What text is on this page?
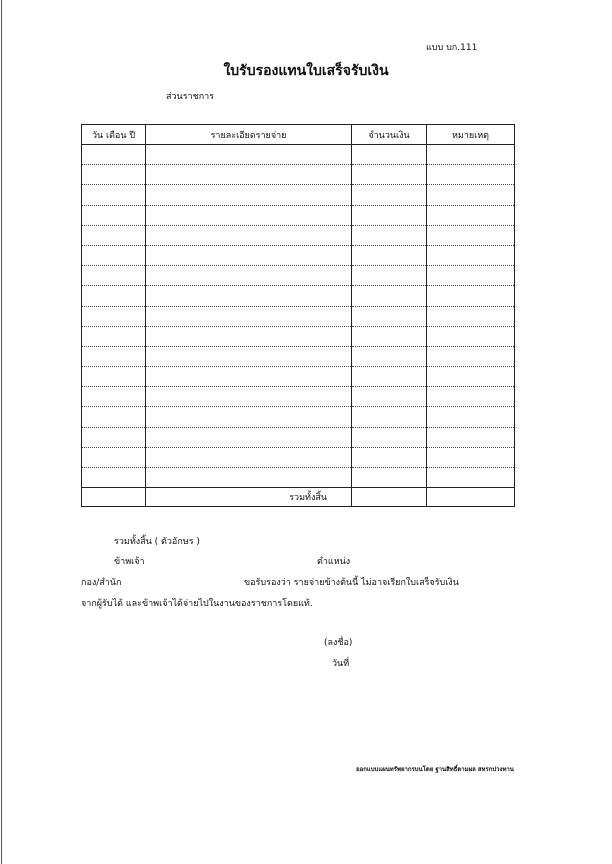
แบบ บก.111
ใบรับรองแทนใบเสร็จรับเงิน
ส่วนราชการ
วัน เดือน ปี	รายละเอียดรายจ่าย	จำนวนเงิน	หมายเหตุ

	รวมทั้งสิ้น		
รวมทั้งสิ้น ( ตัวอักษร )
ข้าพเจ้า	ตำแหน่ง
กอง/สำนัก	ขอรับรองว่า รายจ่ายข้างต้นนี้ ไม่อาจเรียกใบเสร็จรับเงิน
จากผู้รับได้ และข้าพเจ้าได้จ่ายไปในงานของราชการโดยแท้.
(ลงชื่อ)
วันที่
ออกแบบแผนทรัพยากรบนโดย ฐานสิทธิ์ตามผล สหรกปวงทาน
